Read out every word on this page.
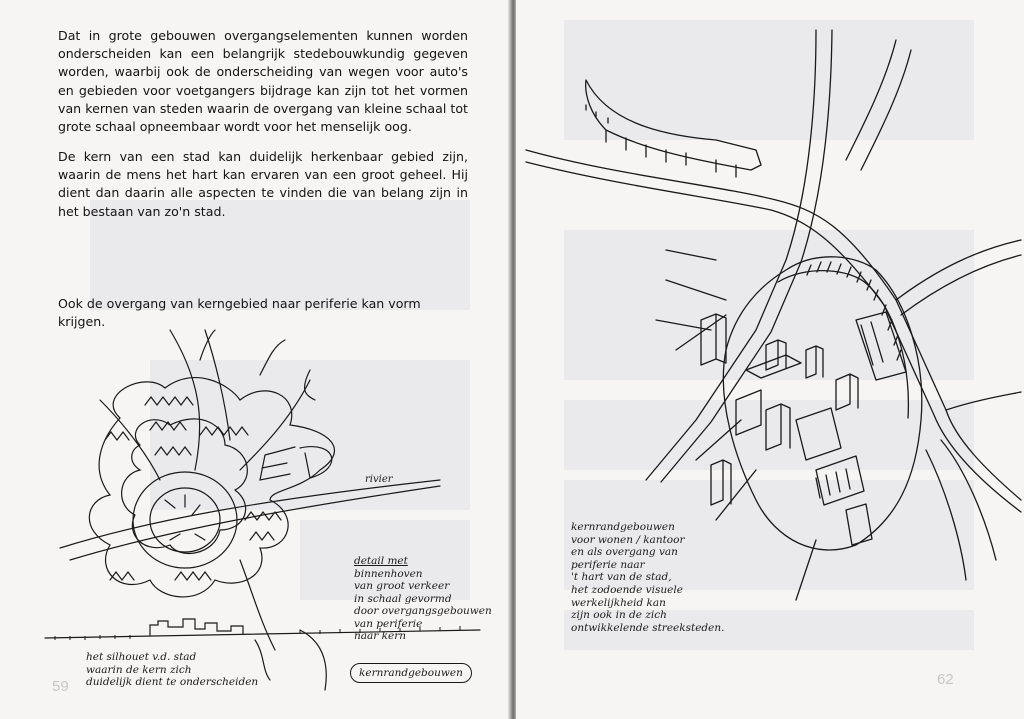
Dat in grote gebouwen overgangselementen kunnen worden onderscheiden kan een belangrijk stedebouwkundig gegeven worden, waarbij ook de onderscheiding van wegen voor auto's en gebieden voor voetgangers bijdrage kan zijn tot het vormen van kernen van steden waarin de overgang van kleine schaal tot grote schaal opneembaar wordt voor het menselijk oog.
De kern van een stad kan duidelijk herkenbaar gebied zijn, waarin de mens het hart kan ervaren van een groot geheel. Hij dient dan daarin alle aspecten te vinden die van belang zijn in het bestaan van zo'n stad.
Ook de overgang van kerngebied naar periferie kan vorm krijgen.
rivier
detail met
binnenhoven
van groot verkeer
in schaal gevormd
door overgangsgebouwen
van periferie
naar kern
het silhouet v.d. stad
waarin de kern zich
duidelijk dient te onderscheiden
kernrandgebouwen
59
kernrandgebouwen
voor wonen / kantoor
en als overgang van
periferie naar
't hart van de stad,
het zodoende visuele
werkelijkheid kan
zijn ook in de zich
ontwikkelende streeksteden.
62
